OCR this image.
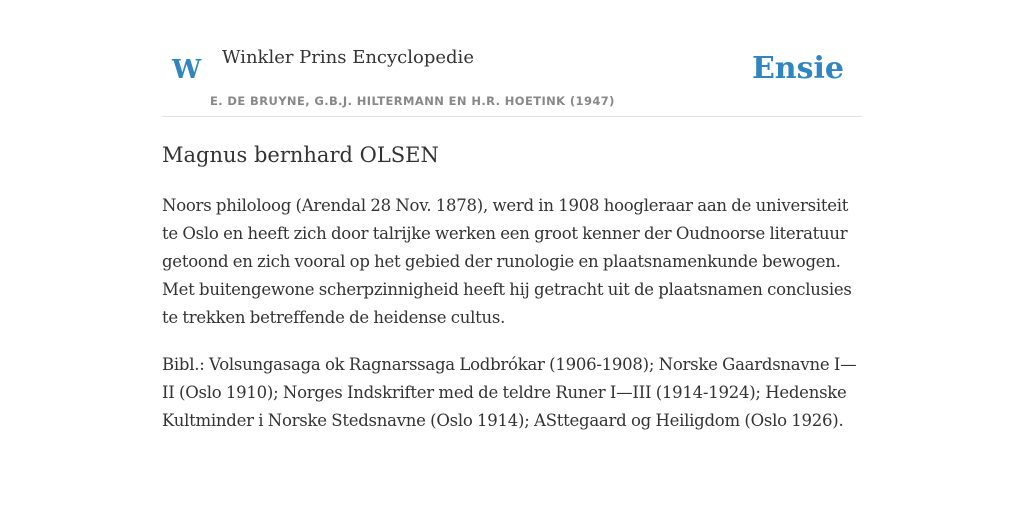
W Winkler Prins Encyclopedie
E. DE BRUYNE, G.B.J. HILTERMANN EN H.R. HOETINK (1947)
Ensie
Magnus bernhard OLSEN

Noors philoloog (Arendal 28 Nov. 1878), werd in 1908 hoogleraar aan de universiteit te Oslo en heeft zich door talrijke werken een groot kenner der Oudnoorse literatuur getoond en zich vooral op het gebied der runologie en plaatsnamenkunde bewogen. Met buitengewone scherpzinnigheid heeft hij getracht uit de plaatsnamen conclusies te trekken betreffende de heidense cultus.

Bibl.: Volsungasaga ok Ragnarssaga Lodbrókar (1906-1908); Norske Gaardsnavne I—II (Oslo 1910); Norges Indskrifter med de teldre Runer I—III (1914-1924); Hedenske Kultminder i Norske Stedsnavne (Oslo 1914); ASttegaard og Heiligdom (Oslo 1926).
